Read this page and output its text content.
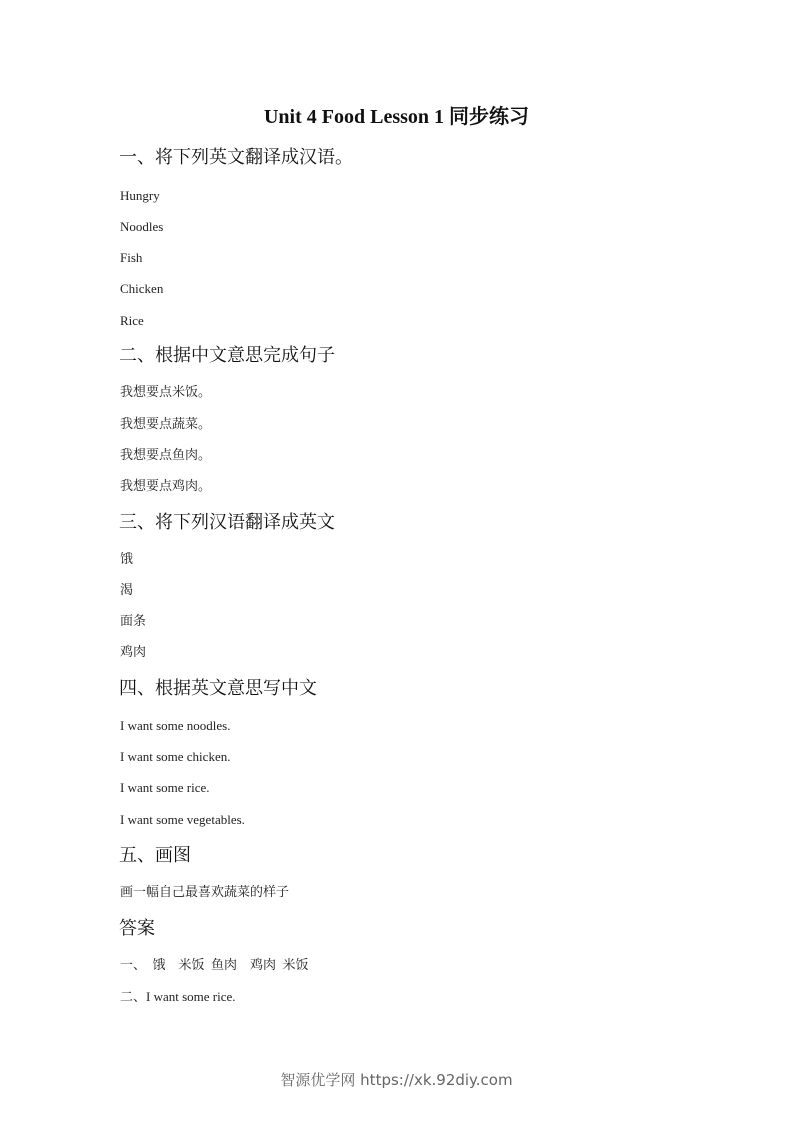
Unit 4 Food Lesson 1 同步练习
一、将下列英文翻译成汉语。
Hungry
Noodles
Fish
Chicken
Rice
二、根据中文意思完成句子
我想要点米饭。
我想要点蔬菜。
我想要点鱼肉。
我想要点鸡肉。
三、将下列汉语翻译成英文
饿
渴
面条
鸡肉
四、根据英文意思写中文
I want some noodles.
I want some chicken.
I want some rice.
I want some vegetables.
五、画图
画一幅自己最喜欢蔬菜的样子
答案
一、  饿    米饭  鱼肉    鸡肉  米饭
二、I want some rice.
智源优学网 https://xk.92diy.com
